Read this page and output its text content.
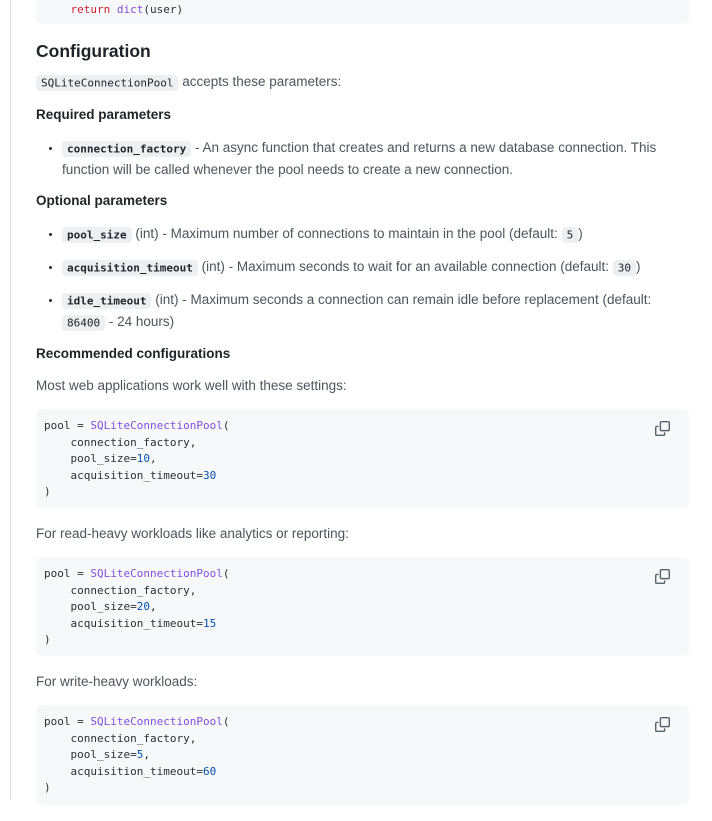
return dict(user)
Configuration

SQLiteConnectionPool accepts these parameters:

Required parameters
• connection_factory - An async function that creates and returns a new database connection. This function will be called whenever the pool needs to create a new connection.
Optional parameters
• pool_size (int) - Maximum number of connections to maintain in the pool (default: 5 )
• acquisition_timeout (int) - Maximum seconds to wait for an available connection (default: 30 )
• idle_timeout (int) - Maximum seconds a connection can remain idle before replacement (default: 86400 - 24 hours)
Recommended configurations

Most web applications work well with these settings:

pool = SQLiteConnectionPool(
connection_factory,
pool_size=10,
acquisition_timeout=30
)

For read-heavy workloads like analytics or reporting:

pool = SQLiteConnectionPool(
connection_factory,
pool_size=20,
acquisition_timeout=15
)

For write-heavy workloads:

pool = SQLiteConnectionPool(
connection_factory,
pool_size=5,
acquisition_timeout=60
)
